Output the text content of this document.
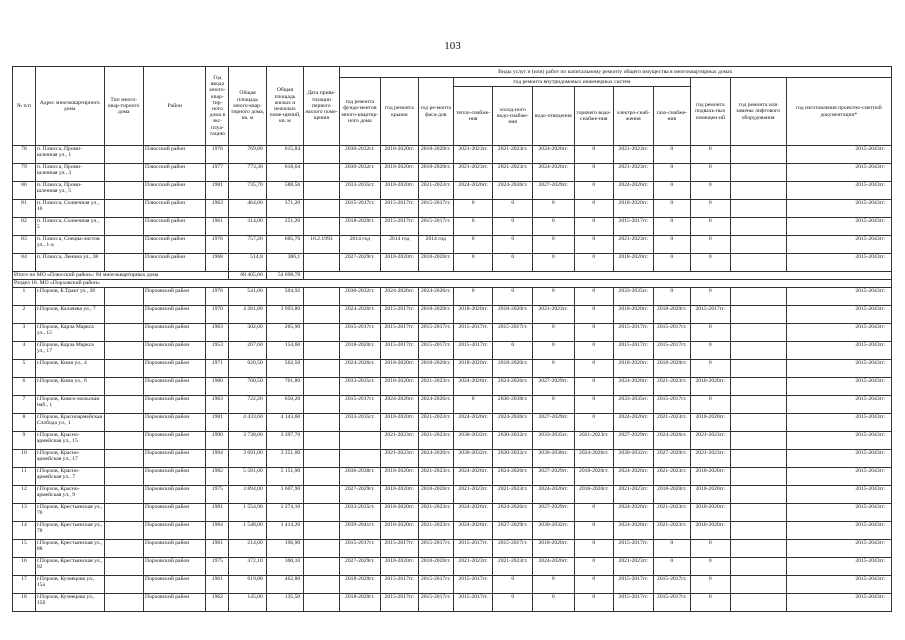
103
№ п/п	Адрес многоквартирного дома	Тип много-квар-тирного дома	Район	Год ввода много-квар-тир-ного дома в экс-плуа-тацию	Общая площадь много-квар-тирного дома, кв. м	Общая площадь жилых и нежилых поме-щений, кв. м	Дата прива-тизации первого жилого поме-щения	Виды услуг и (или) работ по капитальному ремонту общего имущества в многоквартирных домах											
								год ремонта фунда-ментов много-квартир-ного дома	год ремонта крыши	год ре-монта фаса-дов	год ремонта внутридомовых инженерных систем						год ремонта подваль-ных помещен-ий	год ремонта или замены лифтового оборудования	год изготовления проектно-сметной документации*
											тепло-снабже-ния	холод-ного водо-снабже-ния	водо-отведения	горячего водо-снабже-ния	электро-снаб-жения	газо-снабже-ния			
78	п. Плюсса, Проми-шленная ул., 1		Плюсский район	1976	769,80	615,84		2030-2032гг.	2018-2020гг.	2018-2020гг.	2021-2023гг.	2021-2023гг.	2024-2026гг.	0	2021-2023гг.	0	0		2015-2043гг.
79	п. Плюсса, Проми-шленная ул., 3		Плюсский район	1977	773,30	618,64		2030-2032гг.	2018-2020гг.	2018-2020гг.	2021-2023гг.	2021-2023гг.	2024-2026гг.	0	2021-2023гг.	0	0		2015-2043гг.
80	п. Плюсса, Проми-шленная ул., 5		Плюсский район	1981	735,70	588,56		2033-2035гг.	2018-2020гг.	2021-2023гг.	2024-2026гг.	2024-2026гг.	2027-2029гг.	0	2024-2026гг.	0	0		2015-2043гг.
81	п. Плюсса, Солнечная ул., 16		Плюсский район	1963	464,00	371,20		2015-2017гг.	2015-2017гг.	2015-2017гг.	0	0	0	0	2018-2020гг.	0	0		2015-2043гг.
82	п. Плюсса, Солнечная ул., 5		Плюсский район	1961	314,00	251,20		2018-2020гг.	2015-2017гг.	2015-2017гг.	0	0	0	0	2015-2017гг.	0	0		2015-2043гг.
83	п. Плюсса, Специа-листов ул., 1-а		Плюсский район	1976	757,20	605,76	16.2.1993	2014 год	2014 год	2014 год	0	0	0	0	2021-2023гг.	0	0		2015-2043гг.
84	п. Плюсса, Ленина ул., 38		Плюсский район	1968	514,8	386,1		2027-2029гг.	2018-2020гг.	2018-2020гг.	0	0	0	0	2018-2020гг.	0	0		2015-2043гг.
Итого по МО «Плюсский район»: 84 многоквартирных дома					68 405,66	54 698,78													
Раздел 18. МО «Порховский район»																			
1	г.Порхов, Б.Тракт ул., 28		Порховский район	1976	541,00	504,92		2030-2032гг.	2024-2026гг.	2024-2026гг.	0	0	0	0	2033-2035гг.	0	0		2015-2043гг.
2	г.Порхов, Калачева ул., 7		Порховский район	1970	4 281,80	3 993,80		2024-2026гг.	2015-2017гг.	2018-2020гг.	2018-2020гг.	2018-2020гг.	2021-2023гг.	0	2018-2020гг.	2018-2020гг.	2015-2017гг.		2015-2043гг.
3	г.Порхов, Карла Маркса ул., 15		Порховский район	1963	302,00	265,90		2015-2017гг.	2015-2017гг.	2015-2017гг.	2015-2017гг.	2015-2017гг.	0	0	2015-2017гг.	2015-2017гг.	0		2015-2043гг.
4	г.Порхов, Карла Маркса ул., 17		Порховский район	1953	207,60	154,60		2018-2020гг.	2015-2017гг.	2015-2017гг.	2015-2017гг.	0	0	0	2015-2017гг.	2015-2017гг.	0		2015-2043гг.
5	г.Порхов, Кима ул., 4		Порховский район	1971	620,50	562,50		2024-2026гг.	2018-2020гг.	2018-2020гг.	2018-2020гг.	2018-2020гг.	0	0	2018-2020гг.	2018-2020гг.	0		2015-2043гг.
6	г.Порхов, Кима ул., 6		Порховский район	1980	760,50	701,80		2033-2035гг.	2018-2020гг.	2021-2023гг.	2024-2026гг.	2024-2026гг.	2027-2029гг.	0	2024-2026гг.	2021-2023гг.	2018-2020гг.		2015-2043гг.
7	г.Порхов, Комсо-мольская наб., 1		Порховский район	1963	722,20	650,20		2015-2017гг.	2024-2026гг.	2024-2026гг.	0	2036-2038гг.	0	0	2033-2035гг.	2015-2017гг.	0		2015-2043гг.
8	г.Порхов, Красноармейская Слобода ул., 1		Порховский район	1981	4 433,60	4 143,60		2033-2035гг.	2018-2020гг.	2021-2023гг.	2024-2026гг.	2024-2026гг.	2027-2029гг.	0	2024-2026гг.	2021-2023гг.	2018-2020гг.		2015-2043гг.
9	г.Порхов, Красно-армейская ул., 15		Порховский район	1990	3 738,00	3 397,70			2021-2023гг.	2021-2023гг.	2030-2032гг.	2030-2032гг.	2033-2035гг.	2021-2023гг.	2027-2029гг.	2024-2026гг.	2021-2023гг.		2015-2043гг.
10	г.Порхов, Красно-армейская ул., 17		Порховский район	1994	3 691,00	3 351,00			2021-2023гг.	2024-2026гг.	2030-2032гг.	2030-2032гг.	2036-2038гг.	2024-2026гг.	2030-2032гг.	2027-2029гг.	2021-2023гг.		2015-2043гг.
11	г.Порхов, Красно-армейская ул., 7		Порховский район	1982	5 581,00	5 151,90		2036-2038гг.	2018-2020гг.	2021-2023гг.	2024-2026гг.	2024-2026гг.	2027-2029гг.	2018-2020гг.	2024-2026гг.	2021-2023гг.	2018-2020гг.		2015-2043гг.
12	г.Порхов, Красно-армейская ул., 9		Порховский район	1975	3 894,00	3 607,90		2027-2029гг.	2018-2020гг.	2018-2020гг.	2021-2023гг.	2021-2023гг.	2024-2026гг.	2018-2020гг.	2021-2023гг.	2018-2020гг.	2018-2020гг.		2015-2043гг.
13	г.Порхов, Крестьянская ул., 76		Порховский район	1981	1 554,90	1 274,10		2033-2035гг.	2018-2020гг.	2021-2023гг.	2024-2026гг.	2024-2026гг.	2027-2029гг.	0	2024-2026гг.	2021-2023гг.	2018-2020гг.		2015-2043гг.
14	г.Порхов, Крестьянская ул., 78		Порховский район	1984	1 548,00	1 414,20		2039-2041гг.	2018-2020гг.	2021-2023гг.	2024-2026гг.	2027-2029гг.	2030-2032гг.	0	2024-2026гг.	2021-2023гг.	2018-2020гг.		2015-2043гг.
15	г.Порхов, Крестьянская ул., 88		Порховский район	1961	214,00	196,90		2015-2017гг.	2015-2017гг.	2015-2017гг.	2015-2017гг.	2015-2017гг.	2018-2020гг.	0	2015-2017гг.	0	0		2015-2043гг.
16	г.Порхов, Крестьянская ул., 92		Порховский район	1975	372,10	300,10		2027-2029гг.	2018-2020гг.	2018-2020гг.	2021-2023гг.	2021-2023гг.	2024-2026гг.	0	2021-2023гг.	0	0		2015-2043гг.
17	г.Порхов, Кузнецова ул., 15а		Порховский район	1961	619,80	462,80		2018-2020гг.	2015-2017гг.	2015-2017гг.	2015-2017гг.	0	0	0	2015-2017гг.	2015-2017гг.	0		2015-2043гг.
18	г.Порхов, Кузнецова ул., 15б		Порховский район	1962	145,00	135,50		2018-2020гг.	2015-2017гг.	2015-2017гг.	2015-2017гг.	0	0	0	2015-2017гг.	2015-2017гг.	0		2015-2043гг.
